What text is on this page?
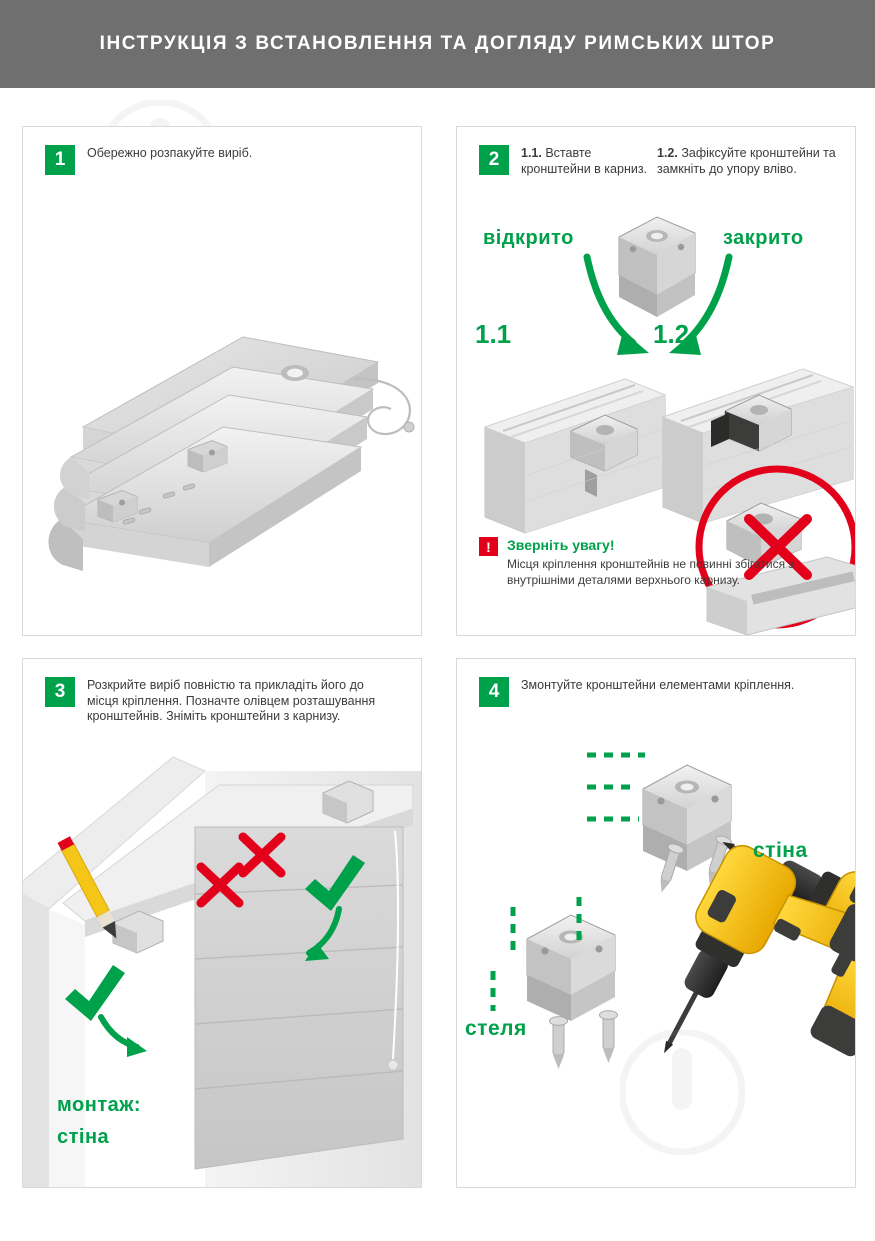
ІНСТРУКЦІЯ З ВСТАНОВЛЕННЯ ТА ДОГЛЯДУ РИМСЬКИХ ШТОР
1	Обережно розпакуйте виріб.	2	1.1. Вставте кронштейни в карниз.
1.2. Зафіксуйте кронштейни та замкніть до упору вліво.
відкрито	закрито
1.1	1.2
!	Зверніть увагу!
Місця кріплення кронштейнів не повинні збігатися з внутрішніми деталями верхнього карнизу.
3	Розкрийте виріб повністю та прикладіть його до місця кріплення. Позначте олівцем розташування кронштейнів. Зніміть кронштейни з карнизу.
монтаж:
стіна
4	Змонтуйте кронштейни елементами кріплення.
стіна
стеля
